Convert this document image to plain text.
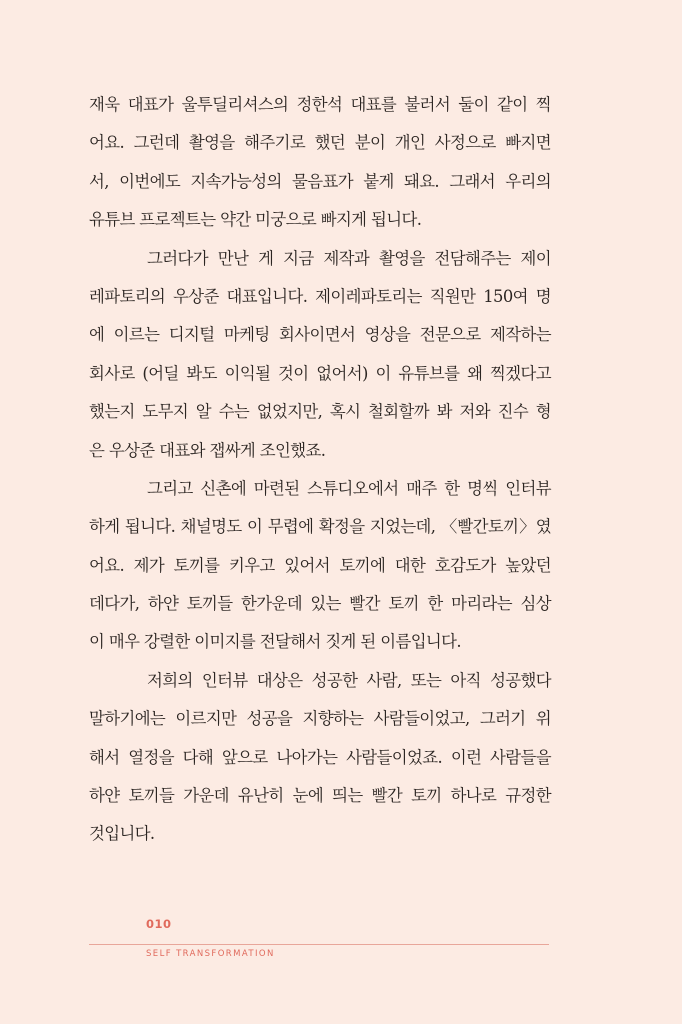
재욱 대표가 울투딜리셔스의 정한석 대표를 불러서 둘이 같이 찍
어요. 그런데 촬영을 해주기로 했던 분이 개인 사정으로 빠지면
서, 이번에도 지속가능성의 물음표가 붙게 돼요. 그래서 우리의
유튜브 프로젝트는 약간 미궁으로 빠지게 됩니다.

그러다가 만난 게 지금 제작과 촬영을 전담해주는 제이
레파토리의 우상준 대표입니다. 제이레파토리는 직원만 150여 명
에 이르는 디지털 마케팅 회사이면서 영상을 전문으로 제작하는
회사로 (어딜 봐도 이익될 것이 없어서) 이 유튜브를 왜 찍겠다고
했는지 도무지 알 수는 없었지만, 혹시 철회할까 봐 저와 진수 형
은 우상준 대표와 잽싸게 조인했죠.

그리고 신촌에 마련된 스튜디오에서 매주 한 명씩 인터뷰
하게 됩니다. 채널명도 이 무렵에 확정을 지었는데, 〈빨간토끼〉였
어요. 제가 토끼를 키우고 있어서 토끼에 대한 호감도가 높았던
데다가, 하얀 토끼들 한가운데 있는 빨간 토끼 한 마리라는 심상
이 매우 강렬한 이미지를 전달해서 짓게 된 이름입니다.

저희의 인터뷰 대상은 성공한 사람, 또는 아직 성공했다
말하기에는 이르지만 성공을 지향하는 사람들이었고, 그러기 위
해서 열정을 다해 앞으로 나아가는 사람들이었죠. 이런 사람들을
하얀 토끼들 가운데 유난히 눈에 띄는 빨간 토끼 하나로 규정한
것입니다.

010
SELF TRANSFORMATION
